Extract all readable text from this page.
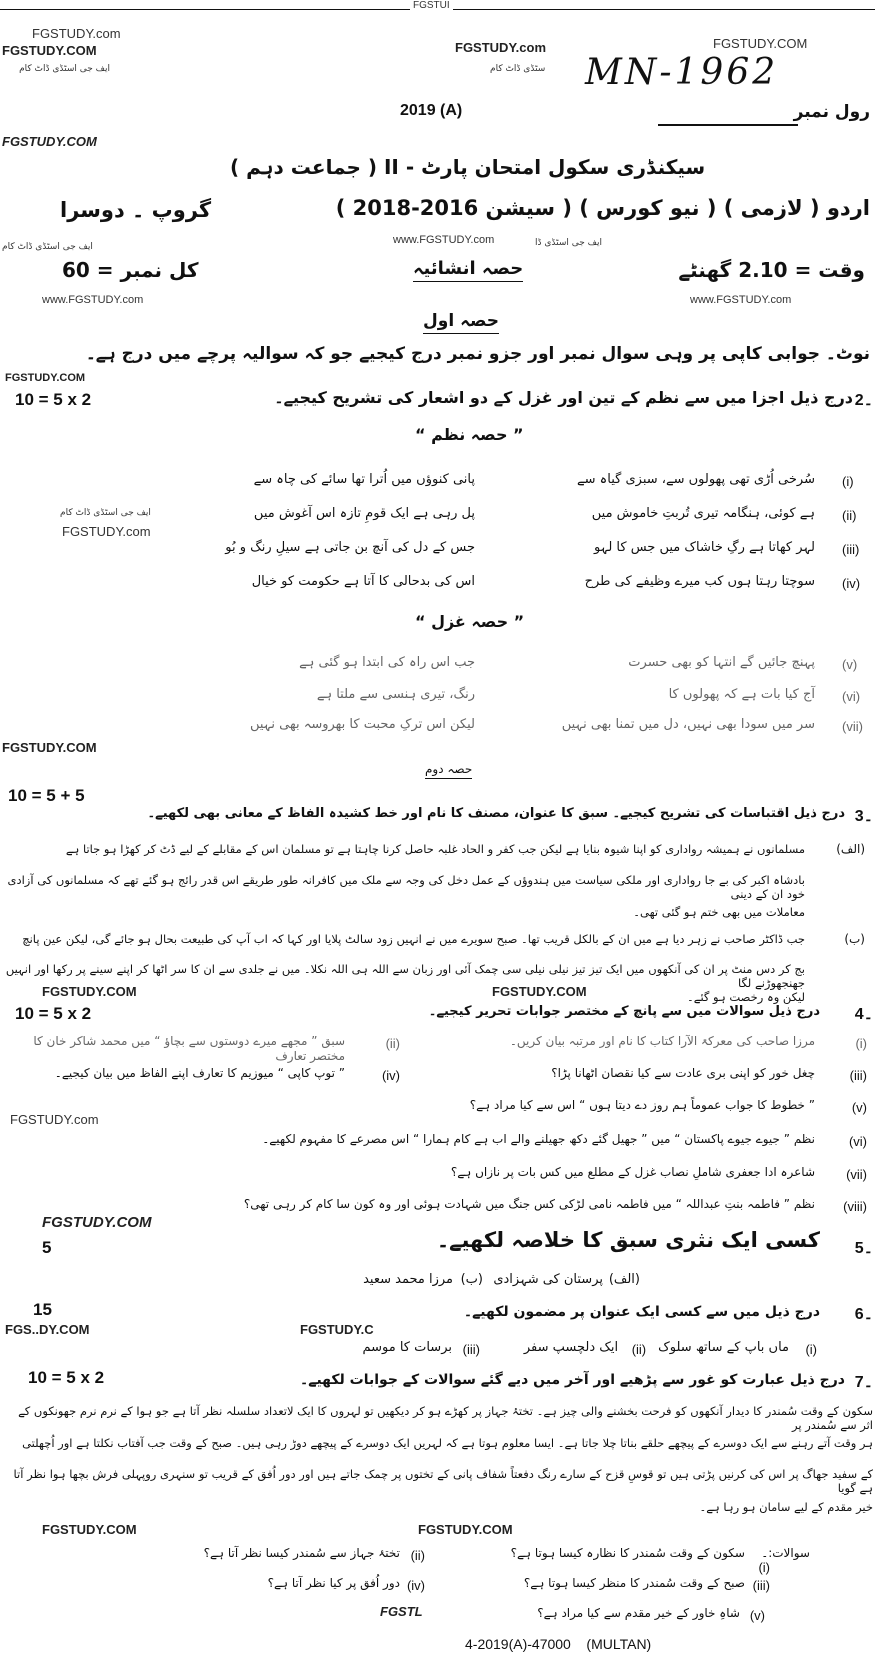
FGSTUI
FGSTUDY.com
FGSTUDY.COM	FGSTUDY.com	FGSTUDY.COM
ایف جی اسٹڈی ڈاٹ کام	سٹڈی ڈاٹ کام
FGSTUDY.COM
ایف جی اسٹڈی ڈاٹ کام	ایف جی اسٹڈی ڈا
www.FGSTUDY.com
www.FGSTUDY.com	www.FGSTUDY.com
FGSTUDY.COM
ایف جی اسٹڈی ڈاٹ کام
FGSTUDY.com
FGSTUDY.COM
FGSTUDY.COM	FGSTUDY.COM
FGSTUDY.com
FGSTUDY.COM
FGS..DY.COM	FGSTUDY.C
FGSTUDY.COM	FGSTUDY.COM
FGSTL
MN-1962
2019 (A)	رول نمبر
سیکنڈری سکول امتحان پارٹ - II ( جماعت دہم )
اردو ( لازمی ) ( نیو کورس ) ( سیشن 2016-2018 )
گروپ ۔ دوسرا
کل نمبر = 60	حصہ انشائیہ	وقت = 2.10 گھنٹے
حصہ اول
نوٹ۔ جوابی کاپی پر وہی سوال نمبر اور جزو نمبر درج کیجیے جو کہ سوالیہ پرچے میں درج ہے۔
10 = 5 x 2	2۔
درج ذیل اجزا میں سے نظم کے تین اور غزل کے دو اشعار کی تشریح کیجیے۔
” حصہ نظم “
(i)
سُرخی اُڑی تھی پھولوں سے، سبزی گیاہ سے
پانی کنوؤں میں اُترا تھا سائے کی چاہ سے
(ii)
ہے کوئی، ہنگامہ تیری تُربتِ خاموش میں
پل رہی ہے ایک قومِ تازہ اس آغوش میں
(iii)
لہر کھاتا ہے رگِ خاشاک میں جس کا لہو
جس کے دل کی آنچ بن جاتی ہے سیلِ رنگ و بُو
(iv)
سوچتا رہتا ہوں کب میرے وظیفے کی طرح
اس کی بدحالی کا آتا ہے حکومت کو خیال
” حصہ غزل “
(v)
پہنچ جائیں گے انتہا کو بھی حسرت
جب اس راہ کی ابتدا ہو گئی ہے
(vi)
آج کیا بات ہے کہ پھولوں کا
رنگ، تیری ہنسی سے ملتا ہے
(vii)
سر میں سودا بھی نہیں، دل میں تمنا بھی نہیں
لیکن اس ترکِ محبت کا بھروسہ بھی نہیں
حصہ دوم
10 = 5 + 5
3۔
درج ذیل اقتباسات کی تشریح کیجیے۔ سبق کا عنوان، مصنف کا نام اور خط کشیدہ الفاظ کے معانی بھی لکھیے۔
(الف)
مسلمانوں نے ہمیشہ رواداری کو اپنا شیوہ بنایا ہے لیکن جب کفر و الحاد غلبہ حاصل کرنا چاہتا ہے تو مسلمان اس کے مقابلے کے لیے ڈٹ کر کھڑا ہو جاتا ہے
بادشاہ اکبر کی بے جا رواداری اور ملکی سیاست میں ہندوؤں کے عمل دخل کی وجہ سے ملک میں کافرانہ طور طریقے اس قدر رائج ہو گئے تھے کہ مسلمانوں کی آزادی خود ان کے دینی
معاملات میں بھی ختم ہو گئی تھی۔
(ب)
جب ڈاکٹر صاحب نے زہر دیا ہے میں ان کے بالکل قریب تھا۔ صبح سویرے میں نے انہیں زود سالٹ پلایا اور کہا کہ اب آپ کی طبیعت بحال ہو جائے گی، لیکن عین پانچ
بج کر دس منٹ پر ان کی آنکھوں میں ایک تیز تیز نیلی نیلی سی چمک آئی اور زبان سے اللہ ہی اللہ نکلا۔ میں نے جلدی سے ان کا سر اٹھا کر اپنے سینے پر رکھا اور انہیں جھنجھوڑنے لگا
لیکن وہ رخصت ہو گئے۔
10 = 5 x 2	4۔
درج ذیل سوالات میں سے پانچ کے مختصر جوابات تحریر کیجیے۔
(i)
مرزا صاحب کی معرکۃ الآرا کتاب کا نام اور مرتبہ بیان کریں۔
(ii)
سبق ” مجھے میرے دوستوں سے بچاؤ “ میں محمد شاکر خان کا مختصر تعارف
(iii)
چغل خور کو اپنی بری عادت سے کیا نقصان اٹھانا پڑا؟
(iv)
” توپ کاپی “ میوزیم کا تعارف اپنے الفاظ میں بیان کیجیے۔
(v)
” خطوط کا جواب عموماً ہم روز دے دیتا ہوں “ اس سے کیا مراد ہے؟
(vi)
نظم ” جیوے جیوے پاکستان “ میں ” جھیل گئے دکھ جھیلنے والے اب ہے کام ہمارا “ اس مصرعے کا مفہوم لکھیے۔
(vii)
شاعرہ ادا جعفری شاملِ نصاب غزل کے مطلع میں کس بات پر نازاں ہے؟
(viii)
نظم ” فاطمہ بنتِ عبداللہ “ میں فاطمہ نامی لڑکی کس جنگ میں شہادت ہوئی اور وہ کون سا کام کر رہی تھی؟
5	5۔
کسی ایک نثری سبق کا خلاصہ لکھیے۔
(الف)
پرستان کی شہزادی
(ب)
مرزا محمد سعید
15	6۔
درج ذیل میں سے کسی ایک عنوان پر مضمون لکھیے۔
(i)
ماں باپ کے ساتھ سلوک
(ii)
ایک دلچسپ سفر
(iii)
برسات کا موسم
10 = 5 x 2	7۔
درج ذیل عبارت کو غور سے پڑھیے اور آخر میں دیے گئے سوالات کے جوابات لکھیے۔
سکون کے وقت سُمندر کا دیدار آنکھوں کو فرحت بخشنے والی چیز ہے۔ تختۂ جہاز پر کھڑے ہو کر دیکھیں تو لہروں کا ایک لاتعداد سلسلہ نظر آتا ہے جو ہوا کے نرم نرم جھونکوں کے اثر سے سُمندر پر
ہر وقت آتے رہنے سے ایک دوسرے کے پیچھے حلقے بناتا چلا جاتا ہے۔ ایسا معلوم ہوتا ہے کہ لہریں ایک دوسرے کے پیچھے دوڑ رہی ہیں۔ صبح کے وقت جب آفتاب نکلتا ہے اور اُچھلتی
کے سفید جھاگ پر اس کی کرنیں پڑتی ہیں تو قوسِ قزح کے سارے رنگ دفعتاً شفاف پانی کے تختوں پر چمک جاتے ہیں اور دور اُفق کے قریب تو سنہری روپہلی فرش بچھا ہوا نظر آتا ہے گویا
خیر مقدم کے لیے سامان ہو رہا ہے۔
سوالات:۔
(i)
سکون کے وقت سُمندر کا نظارہ کیسا ہوتا ہے؟
(ii)
تختۂ جہاز سے سُمندر کیسا نظر آتا ہے؟
(iii)
صبح کے وقت سُمندر کا منظر کیسا ہوتا ہے؟
(iv)
دور اُفق پر کیا نظر آتا ہے؟
(v)
شاہِ خاور کے خیر مقدم سے کیا مراد ہے؟
4-2019(A)-47000    (MULTAN)
